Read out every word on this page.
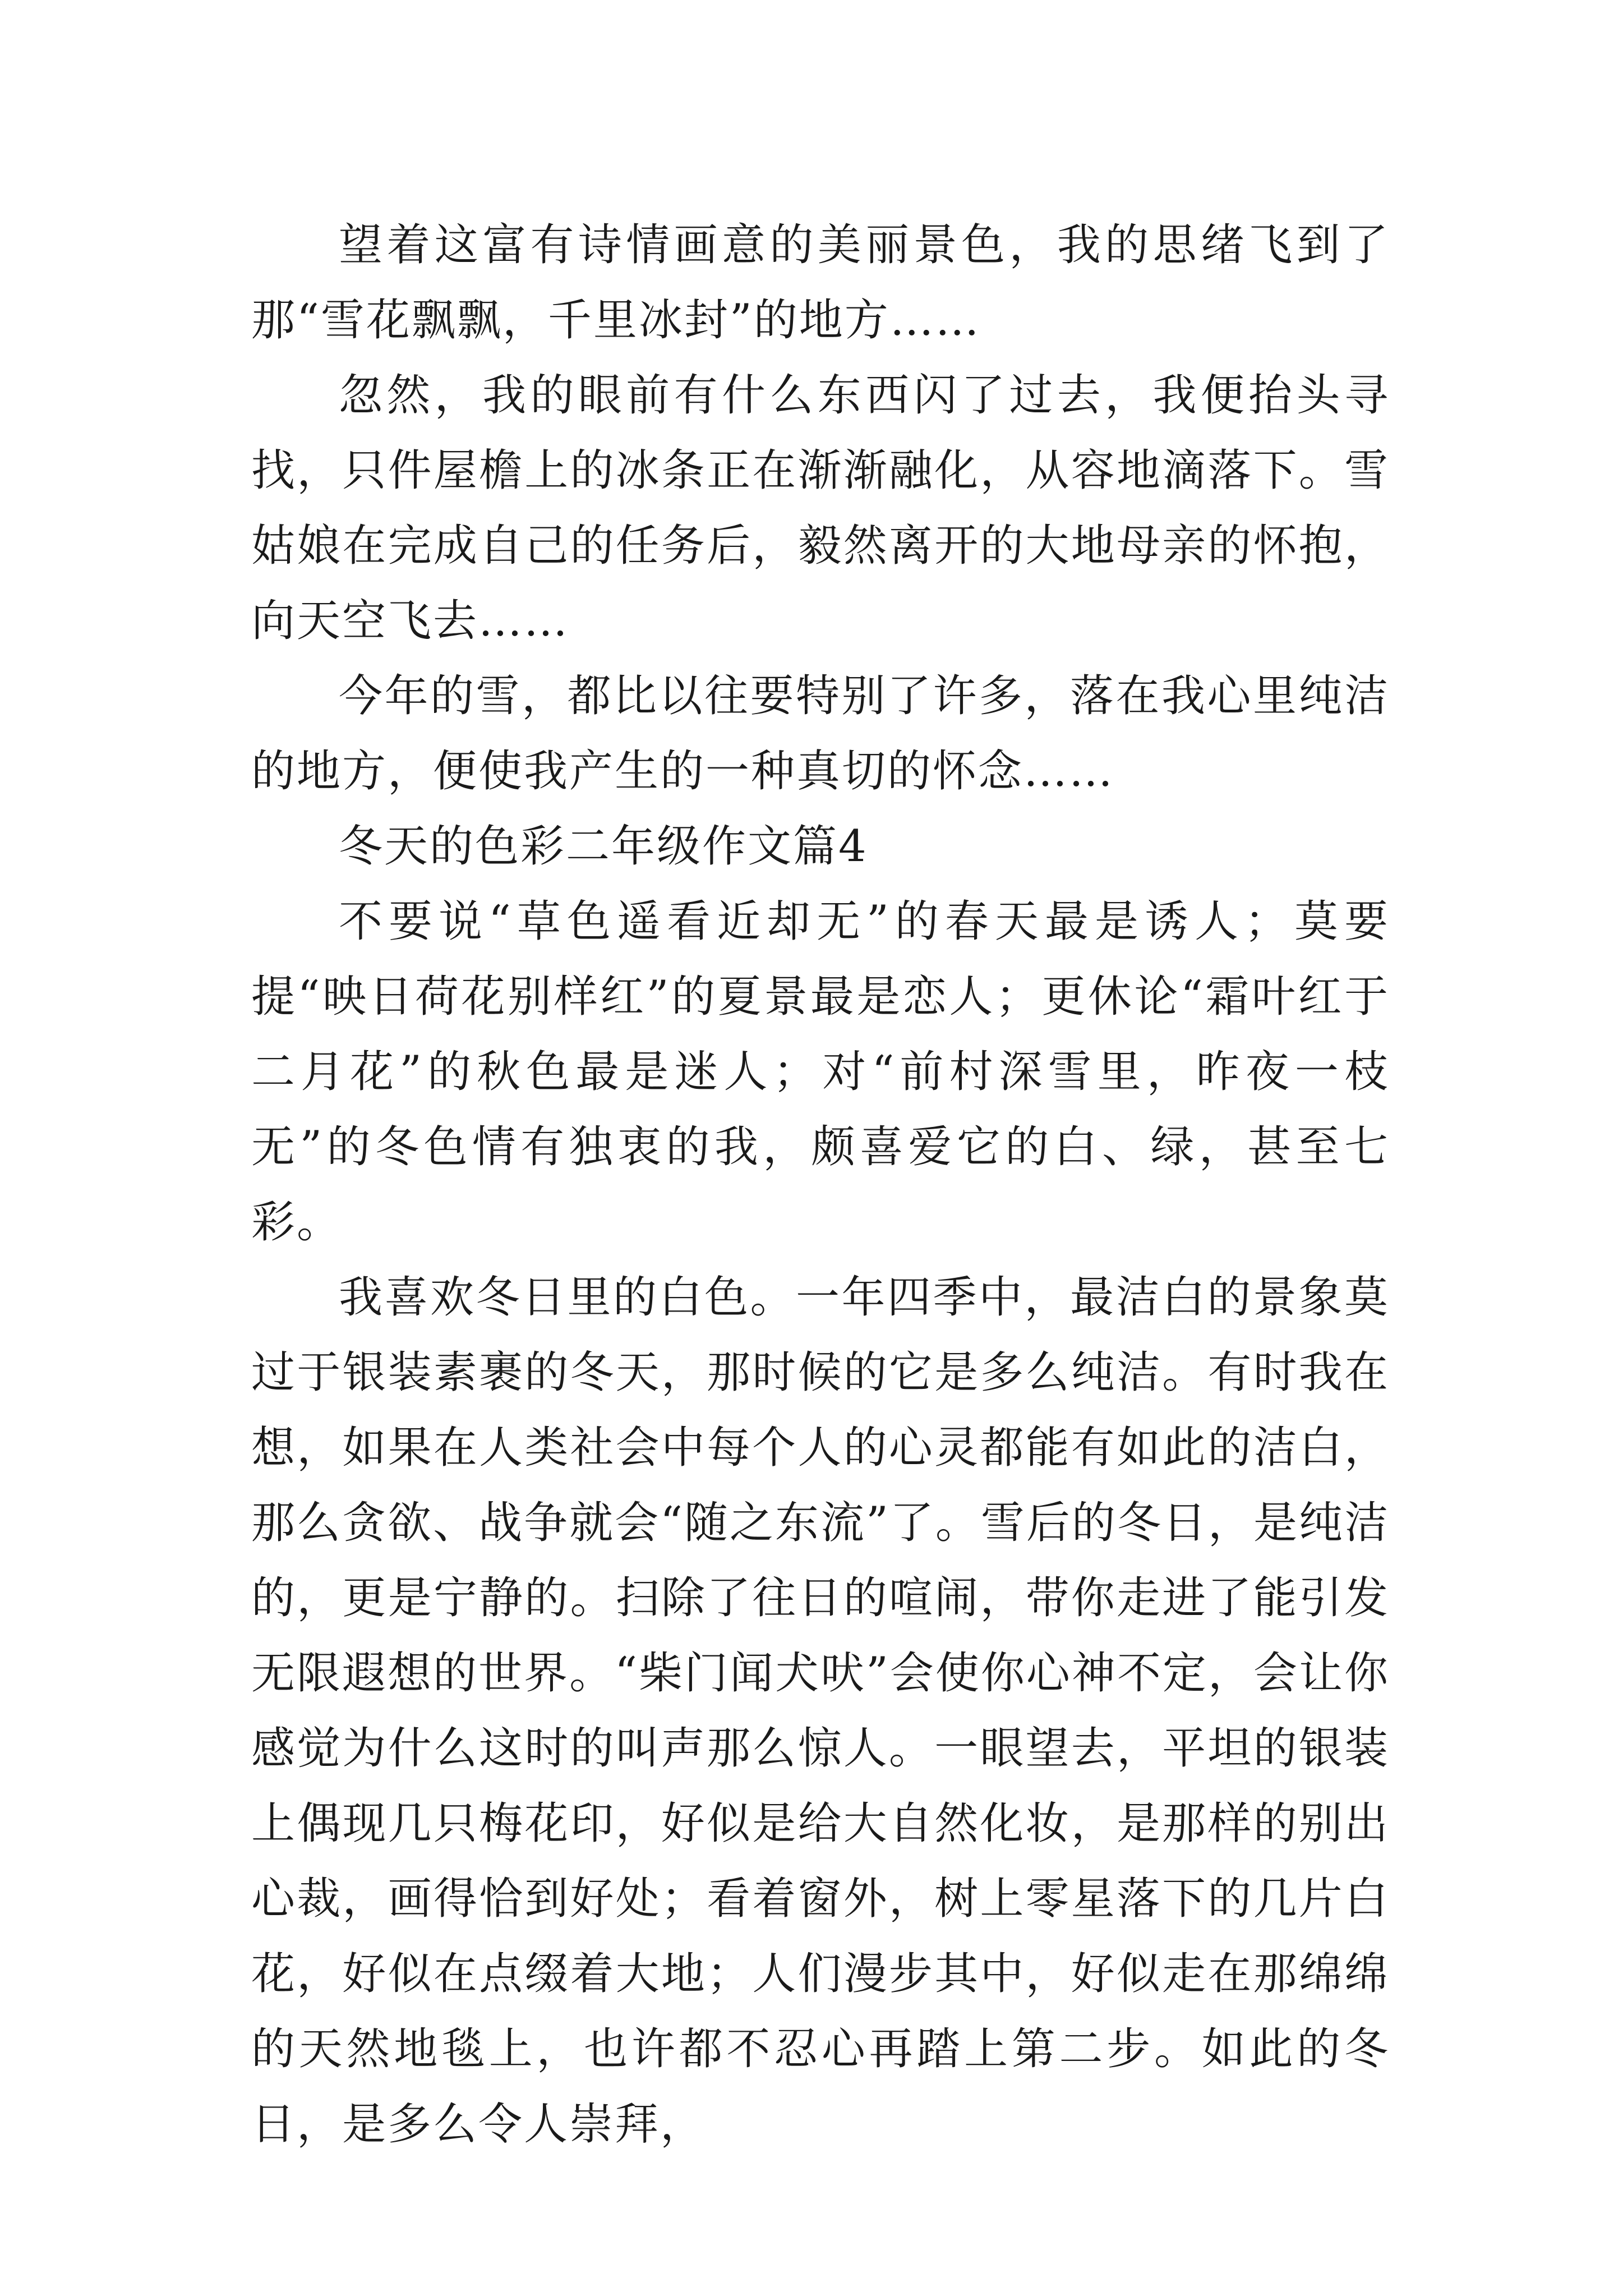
望着这富有诗情画意的美丽景色，我的思绪飞到了那“雪花飘飘，千里冰封”的地方……

忽然，我的眼前有什么东西闪了过去，我便抬头寻找，只件屋檐上的冰条正在渐渐融化，从容地滴落下。雪姑娘在完成自己的任务后，毅然离开的大地母亲的怀抱，向天空飞去……

今年的雪，都比以往要特别了许多，落在我心里纯洁的地方，便使我产生的一种真切的怀念……

冬天的色彩二年级作文篇4

不要说“草色遥看近却无”的春天最是诱人；莫要提“映日荷花别样红”的夏景最是恋人；更休论“霜叶红于二月花”的秋色最是迷人；对“前村深雪里，昨夜一枝无”的冬色情有独衷的我，颇喜爱它的白、绿，甚至七彩。

我喜欢冬日里的白色。一年四季中，最洁白的景象莫过于银装素裹的冬天，那时候的它是多么纯洁。有时我在想，如果在人类社会中每个人的心灵都能有如此的洁白，那么贪欲、战争就会“随之东流”了。雪后的冬日，是纯洁的，更是宁静的。扫除了往日的喧闹，带你走进了能引发无限遐想的世界。“柴门闻犬吠”会使你心神不定，会让你感觉为什么这时的叫声那么惊人。一眼望去，平坦的银装上偶现几只梅花印，好似是给大自然化妆，是那样的别出心裁，画得恰到好处；看着窗外，树上零星落下的几片白花，好似在点缀着大地；人们漫步其中，好似走在那绵绵的天然地毯上，也许都不忍心再踏上第二步。如此的冬日，是多么令人崇拜，
